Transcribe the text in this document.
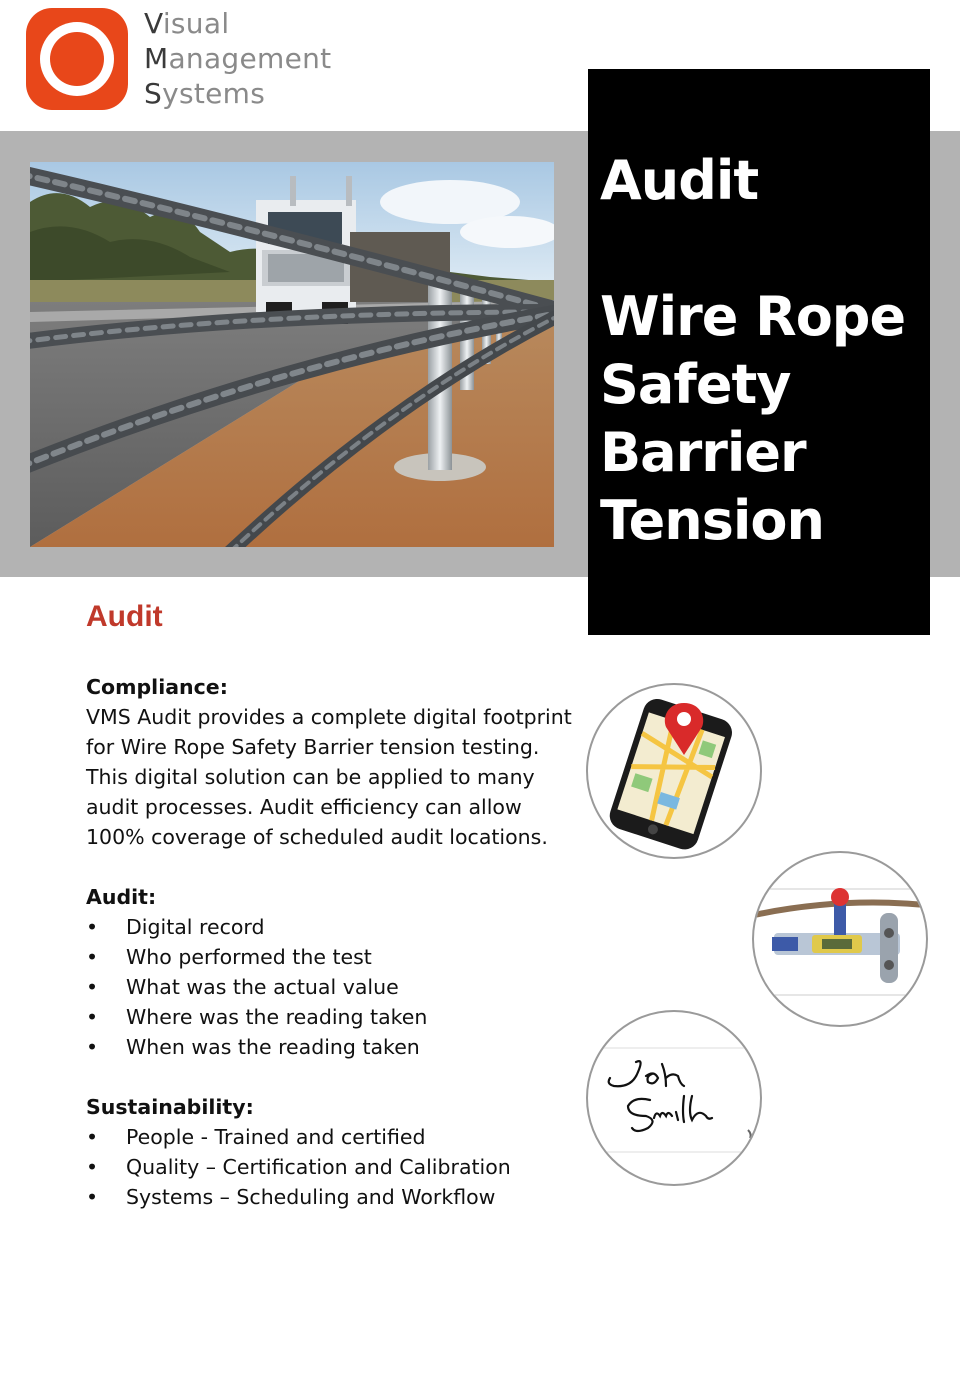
Visual
Management
Systems
Audit
Wire Rope
Safety
Barrier
Tension
Audit
Compliance:
VMS Audit provides a complete digital footprint
for Wire Rope Safety Barrier tension testing.
This digital solution can be applied to many
audit processes. Audit efficiency can allow
100% coverage of scheduled audit locations.
Audit:
• Digital record
• Who performed the test
• What was the actual value
• Where was the reading taken
• When was the reading taken
Sustainability:
• People - Trained and certified
• Quality – Certification and Calibration
• Systems – Scheduling and Workflow
